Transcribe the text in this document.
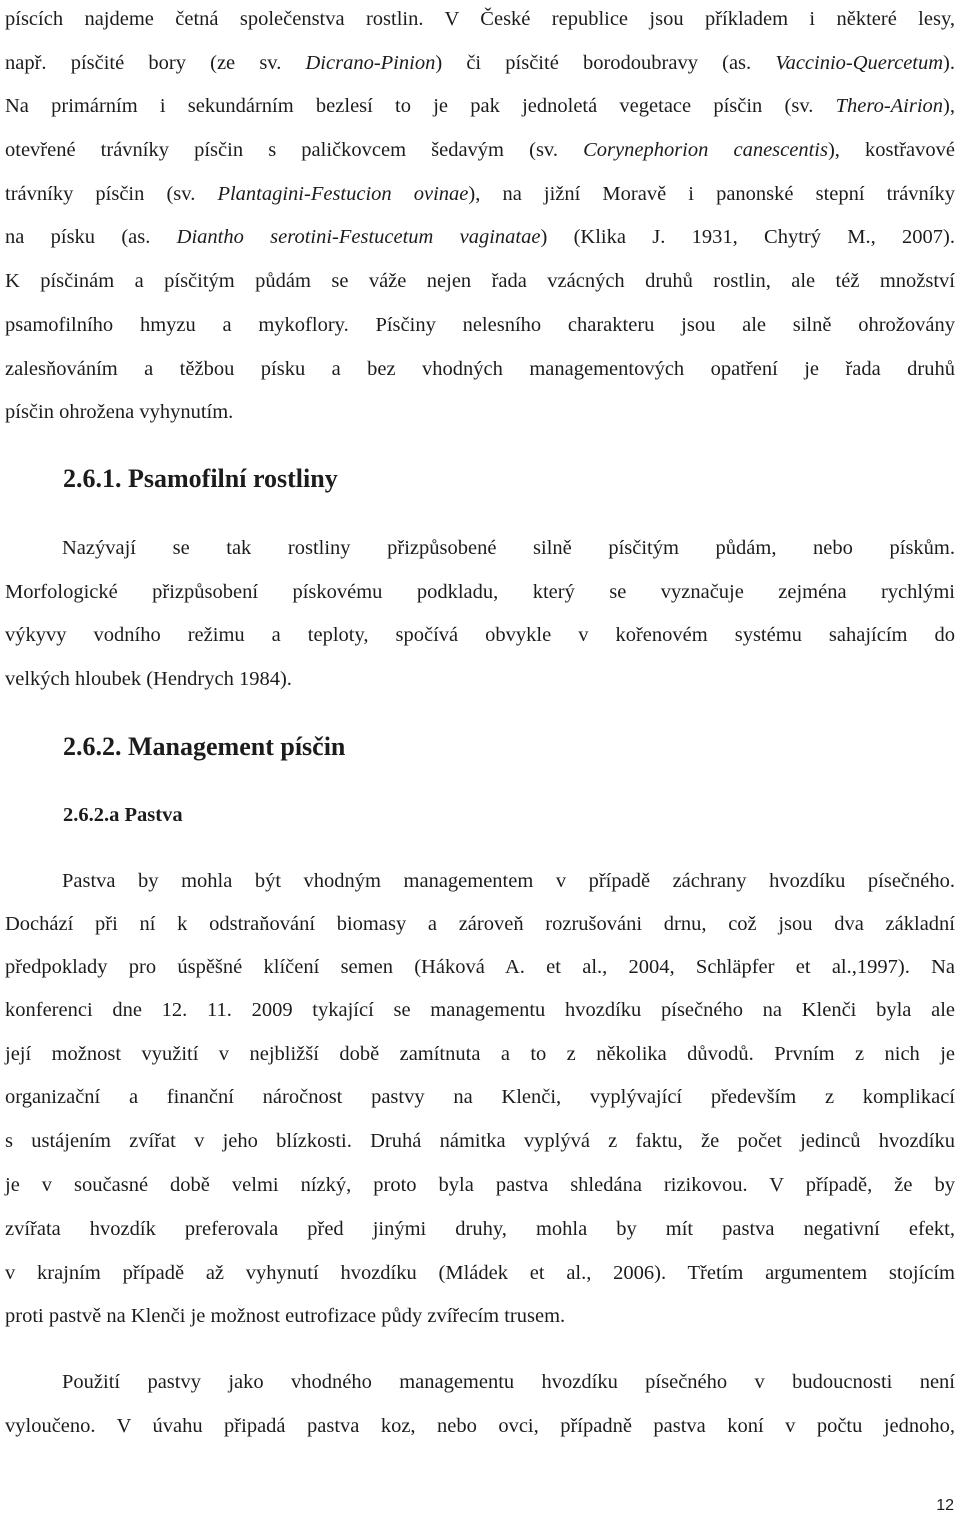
píscích najdeme četná společenstva rostlin. V České republice jsou příkladem i některé lesy,
např. písčité bory (ze sv. Dicrano-Pinion) či písčité borodoubravy (as. Vaccinio-Quercetum).
Na primárním i sekundárním bezlesí to je pak jednoletá vegetace písčin (sv. Thero-Airion),
otevřené trávníky písčin s paličkovcem šedavým (sv. Corynephorion canescentis), kostřavové
trávníky písčin (sv. Plantagini-Festucion ovinae), na jižní Moravě i panonské stepní trávníky
na písku (as. Diantho serotini-Festucetum vaginatae) (Klika J. 1931, Chytrý M., 2007).
K písčinám a písčitým půdám se váže nejen řada vzácných druhů rostlin, ale též množství
psamofilního hmyzu a mykoflory. Písčiny nelesního charakteru jsou ale silně ohrožovány
zalesňováním a těžbou písku a bez vhodných managementových opatření je řada druhů
písčin ohrožena vyhynutím.
2.6.1. Psamofilní rostliny
Nazývají se tak rostliny přizpůsobené silně písčitým půdám, nebo pískům.
Morfologické přizpůsobení pískovému podkladu, který se vyznačuje zejména rychlými
výkyvy vodního režimu a teploty, spočívá obvykle v kořenovém systému sahajícím do
velkých hloubek (Hendrych 1984).
2.6.2. Management písčin
2.6.2.a Pastva
Pastva by mohla být vhodným managementem v případě záchrany hvozdíku písečného.
Dochází při ní k odstraňování biomasy a zároveň rozrušováni drnu, což jsou dva základní
předpoklady pro úspěšné klíčení semen (Háková A. et al., 2004, Schläpfer et al.,1997). Na
konferenci dne 12. 11. 2009 tykající se managementu hvozdíku písečného na Klenči byla ale
její možnost využití v nejbližší době zamítnuta a to z několika důvodů. Prvním z nich je
organizační a finanční náročnost pastvy na Klenči, vyplývající především z komplikací
s ustájením zvířat v jeho blízkosti. Druhá námitka vyplývá z faktu, že počet jedinců hvozdíku
je v současné době velmi nízký, proto byla pastva shledána rizikovou. V případě, že by
zvířata hvozdík preferovala před jinými druhy, mohla by mít pastva negativní efekt,
v krajním případě až vyhynutí hvozdíku (Mládek et al., 2006). Třetím argumentem stojícím
proti pastvě na Klenči je možnost eutrofizace půdy zvířecím trusem.
Použití pastvy jako vhodného managementu hvozdíku písečného v budoucnosti není
vyloučeno. V úvahu připadá pastva koz, nebo ovci, případně pastva koní v počtu jednoho,
12
